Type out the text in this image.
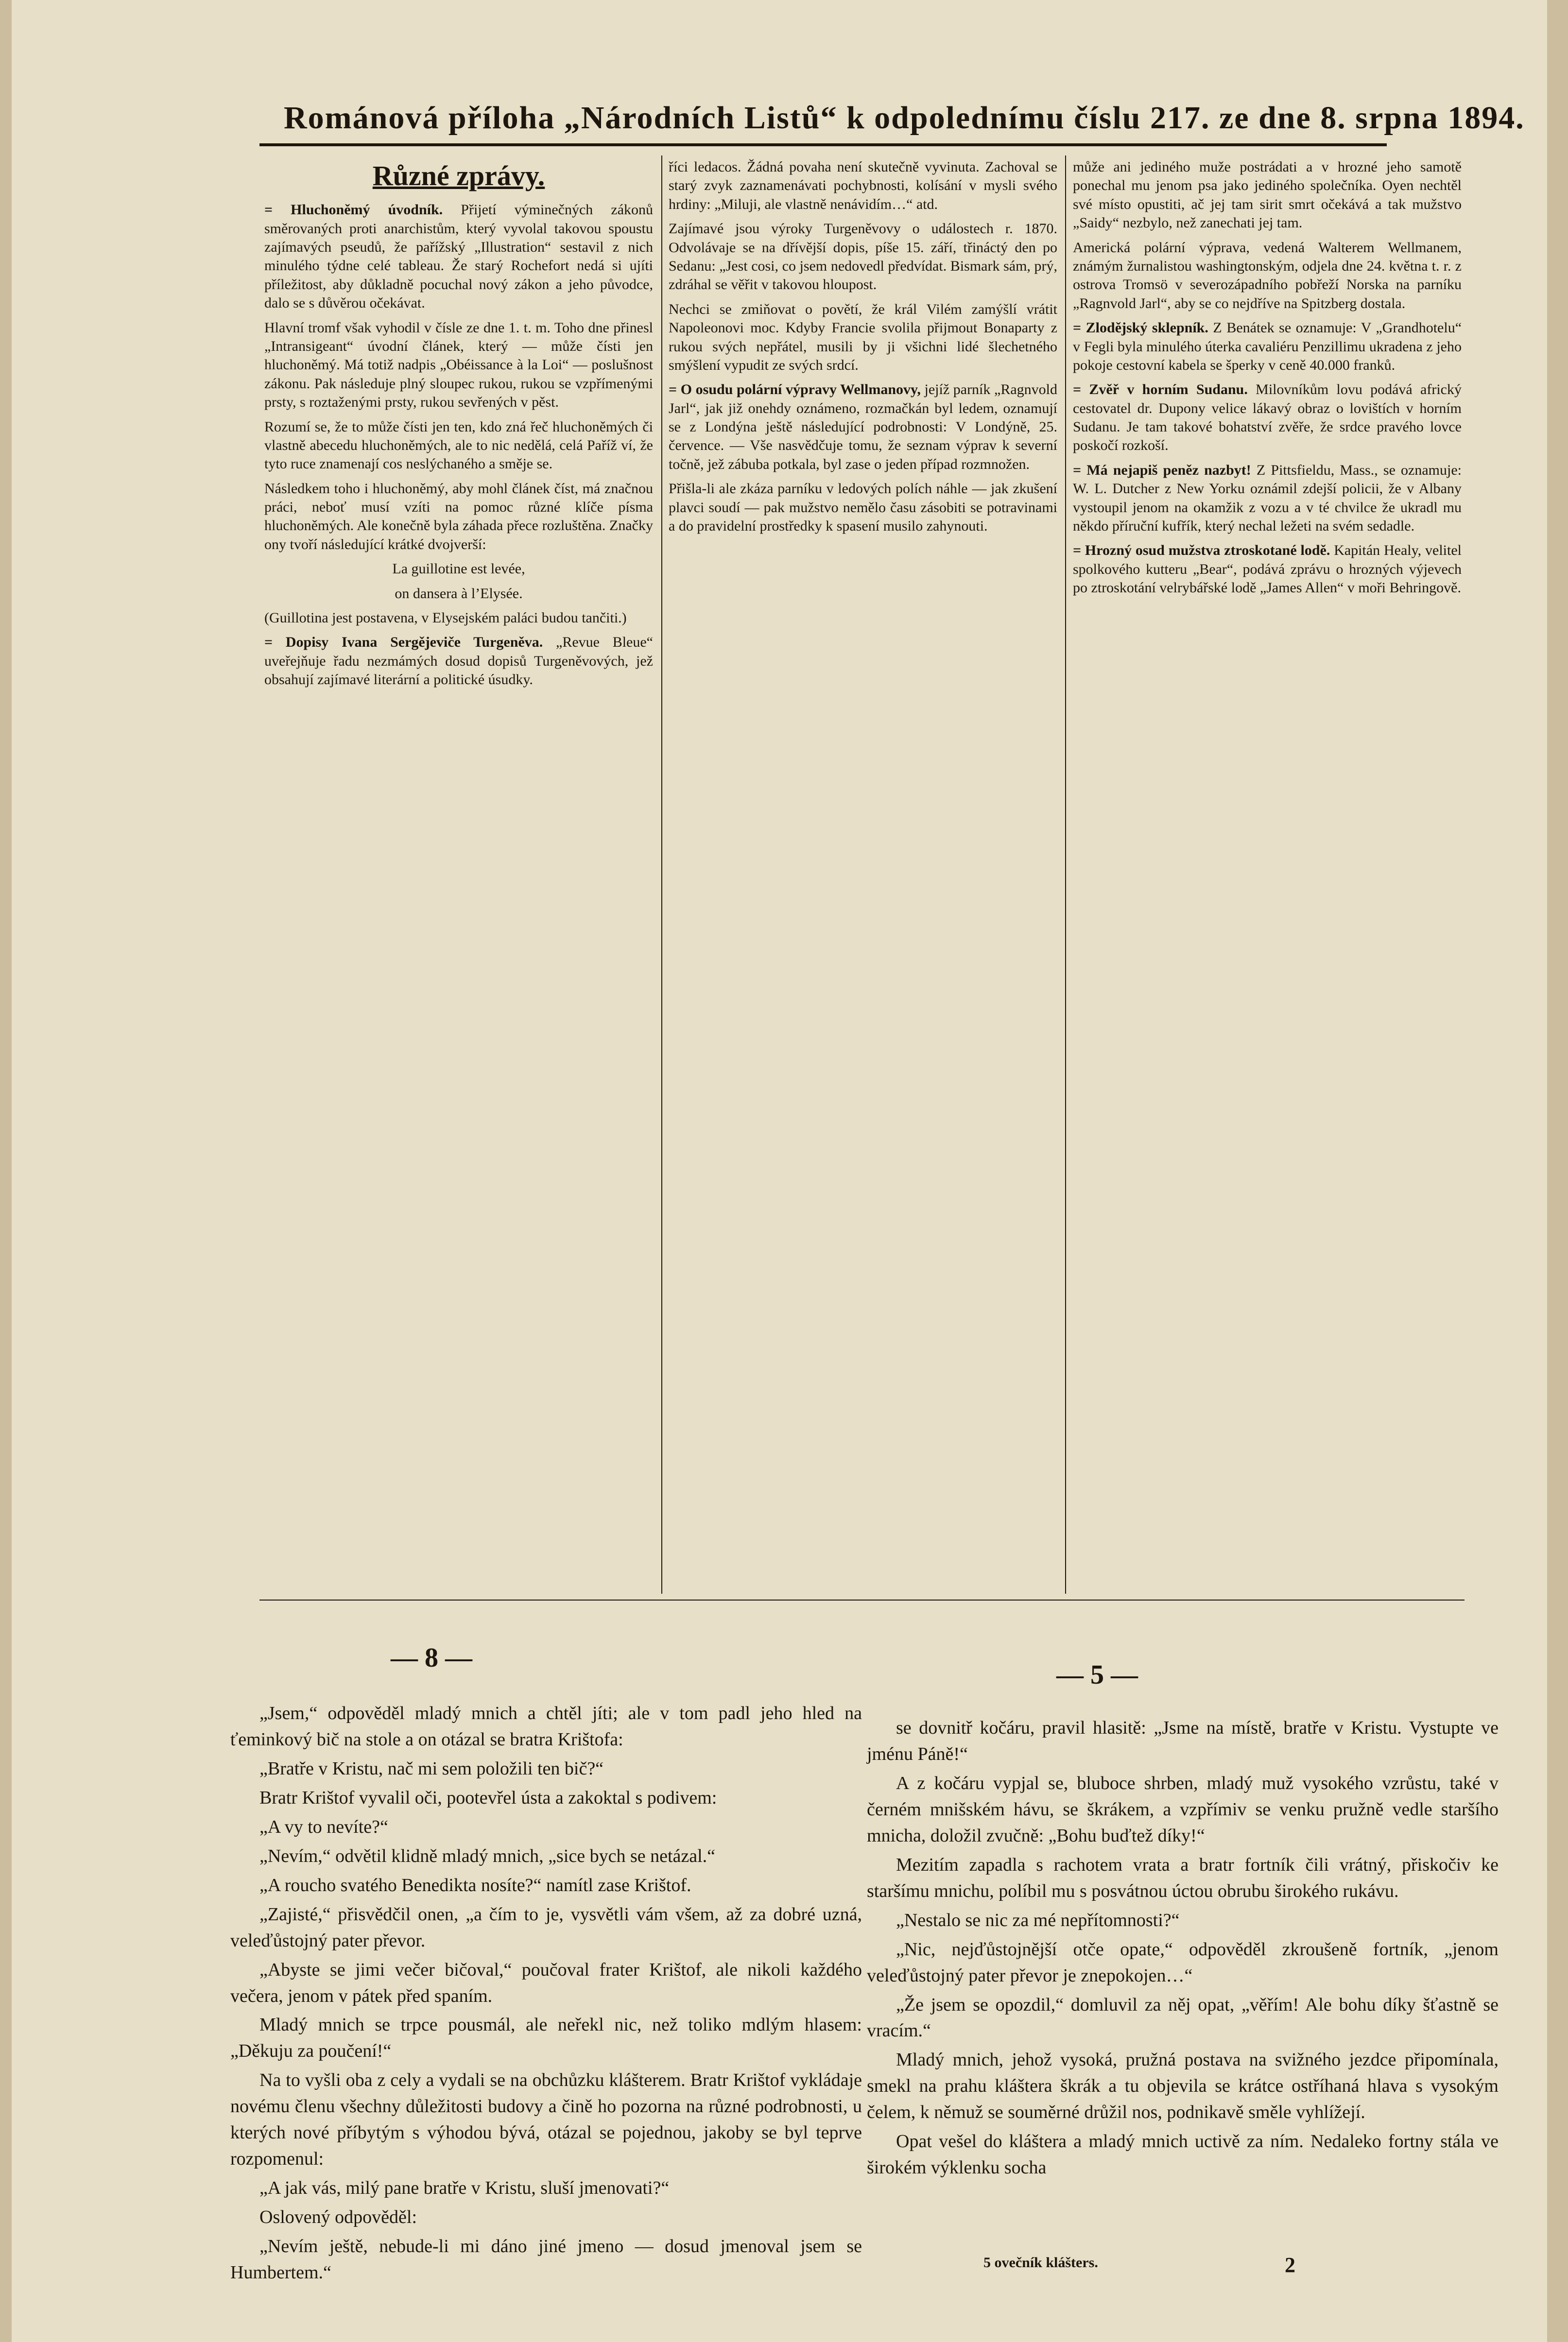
Románová příloha „Národních Listů“ k odpolednímu číslu 217. ze dne 8. srpna 1894.
Různé zprávy.

= Hluchoněmý úvodník. Přijetí výminečných zákonů směrovaných proti anarchistům, který vyvolal takovou spoustu zajímavých pseudů, že pařížský „Illustration“ sestavil z nich minulého týdne celé tableau. Že starý Rochefort nedá si ujíti příležitost, aby důkladně pocuchal nový zákon a jeho původce, dalo se s důvěrou očekávat.

Hlavní tromf však vyhodil v čísle ze dne 1. t. m. Toho dne přinesl „Intransigeant“ úvodní článek, který — může čísti jen hluchoněmý. Má totiž nadpis „Obéissance à la Loi“ — poslušnost zákonu. Pak následuje plný sloupec rukou, rukou se vzpřímenými prsty, s roztaženými prsty, rukou sevřených v pěst.

Rozumí se, že to může čísti jen ten, kdo zná řeč hluchoněmých či vlastně abecedu hluchoněmých, ale to nic nedělá, celá Paříž ví, že tyto ruce znamenají cos neslýchaného a směje se.

Následkem toho i hluchoněmý, aby mohl článek číst, má značnou práci, neboť musí vzíti na pomoc různé klíče písma hluchoněmých. Ale konečně byla záhada přece rozluštěna. Značky ony tvoří následující krátké dvojverší:

La guillotine est levée,

on dansera à l’Elysée.

(Guillotina jest postavena, v Elysejském paláci budou tančiti.)

= Dopisy Ivana Sergějeviče Turgeněva. „Revue Bleue“ uveřejňuje řadu nezmámých dosud dopisů Turgeněvových, jež obsahují zajímavé literární a politické úsudky.

říci ledacos. Žádná povaha není skutečně vyvinuta. Zachoval se starý zvyk zaznamenávati pochybnosti, kolísání v mysli svého hrdiny: „Miluji, ale vlastně nenávidím…“ atd.

Zajímavé jsou výroky Turgeněvovy o událostech r. 1870. Odvolávaje se na dřívější dopis, píše 15. září, třináctý den po Sedanu: „Jest cosi, co jsem nedovedl předvídat. Bismark sám, prý, zdráhal se věřit v takovou hloupost.

Nechci se zmiňovat o povětí, že král Vilém zamýšlí vrátit Napoleonovi moc. Kdyby Francie svolila přijmout Bonaparty z rukou svých nepřátel, musili by ji všichni lidé šlechetného smýšlení vypudit ze svých srdcí.

= O osudu polární výpravy Wellmanovy, jejíž parník „Ragnvold Jarl“, jak již onehdy oznámeno, rozmačkán byl ledem, oznamují se z Londýna ještě následující podrobnosti: V Londýně, 25. července. — Vše nasvědčuje tomu, že seznam výprav k severní točně, jež zábuba potkala, byl zase o jeden případ rozmnožen.

Přišla-li ale zkáza parníku v ledových polích náhle — jak zkušení plavci soudí — pak mužstvo nemělo času zásobiti se potravinami a do pravidelní prostředky k spasení musilo zahynouti.

může ani jediného muže postrádati a v hrozné jeho samotě ponechal mu jenom psa jako jediného společníka. Oyen nechtěl své místo opustiti, ač jej tam sirit smrt očekává a tak mužstvo „Saidy“ nezbylo, než zanechati jej tam.

Americká polární výprava, vedená Walterem Wellmanem, známým žurnalistou washingtonským, odjela dne 24. května t. r. z ostrova Tromsö v severozápadního pobřeží Norska na parníku „Ragnvold Jarl“, aby se co nejdříve na Spitzberg dostala.

= Zlodějský sklepník. Z Benátek se oznamuje: V „Grandhotelu“ v Fegli byla minulého úterka cavaliéru Penzillimu ukradena z jeho pokoje cestovní kabela se šperky v ceně 40.000 franků.

= Zvěř v horním Sudanu. Milovníkům lovu podává africký cestovatel dr. Dupony velice lákavý obraz o lovištích v horním Sudanu. Je tam takové bohatství zvěře, že srdce pravého lovce poskočí rozkoší.

= Má nejapiš peněz nazbyt! Z Pittsfieldu, Mass., se oznamuje: W. L. Dutcher z New Yorku oznámil zdejší policii, že v Albany vystoupil jenom na okamžik z vozu a v té chvilce že ukradl mu někdo příruční kufřík, který nechal ležeti na svém sedadle.

= Hrozný osud mužstva ztroskotané lodě. Kapitán Healy, velitel spolkového kutteru „Bear“, podává zprávu o hrozných výjevech po ztroskotání velrybářské lodě „James Allen“ v moři Behringově.

— 8 —
— 5 —

„Jsem,“ odpověděl mladý mnich a chtěl jíti; ale v tom padl jeho hled na ťeminkový bič na stole a on otázal se bratra Krištofa:

„Bratře v Kristu, nač mi sem položili ten bič?“

Bratr Krištof vyvalil oči, pootevřel ústa a zakoktal s podivem:

„A vy to nevíte?“

„Nevím,“ odvětil klidně mladý mnich, „sice bych se netázal.“

„A roucho svatého Benedikta nosíte?“ namítl zase Krištof.

„Zajisté,“ přisvědčil onen, „a čím to je, vysvětli vám všem, až za dobré uzná, veleďůstojný pater převor.

„Abyste se jimi večer bičoval,“ poučoval frater Krištof, ale nikoli každého večera, jenom v pátek před spaním.

Mladý mnich se trpce pousmál, ale neřekl nic, než toliko mdlým hlasem: „Děkuju za poučení!“

Na to vyšli oba z cely a vydali se na obchůzku klášterem. Bratr Krištof vykládaje novému členu všechny důležitosti budovy a čině ho pozorna na různé podrobnosti, u kterých nové příbytým s výhodou bývá, otázal se pojednou, jakoby se byl teprve rozpomenul:

„A jak vás, milý pane bratře v Kristu, sluší jmenovati?“

Oslovený odpověděl:

„Nevím ještě, nebude-li mi dáno jiné jmeno — dosud jmenoval jsem se Humbertem.“

se dovnitř kočáru, pravil hlasitě: „Jsme na místě, bratře v Kristu. Vystupte ve jménu Páně!“

A z kočáru vypjal se, bluboce shrben, mladý muž vysokého vzrůstu, také v černém mnišském hávu, se škrákem, a vzpřímiv se venku pružně vedle staršího mnicha, doložil zvučně: „Bohu buďtež díky!“

Mezitím zapadla s rachotem vrata a bratr fortník čili vrátný, přiskočiv ke staršímu mnichu, políbil mu s posvátnou úctou obrubu širokého rukávu.

„Nestalo se nic za mé nepřítomnosti?“

„Nic, nejďůstojnější otče opate,“ odpověděl zkroušeně fortník, „jenom veleďůstojný pater převor je znepokojen…“

„Že jsem se opozdil,“ domluvil za něj opat, „věřím! Ale bohu díky šťastně se vracím.“

Mladý mnich, jehož vysoká, pružná postava na svižného jezdce připomínala, smekl na prahu kláštera škrák a tu objevila se krátce ostříhaná hlava s vysokým čelem, k němuž se souměrné drůžil nos, podnikavě směle vyhlížejí.

Opat vešel do kláštera a mladý mnich uctivě za ním. Nedaleko fortny stála ve širokém výklenku socha

5 ovečník klášters.	2
